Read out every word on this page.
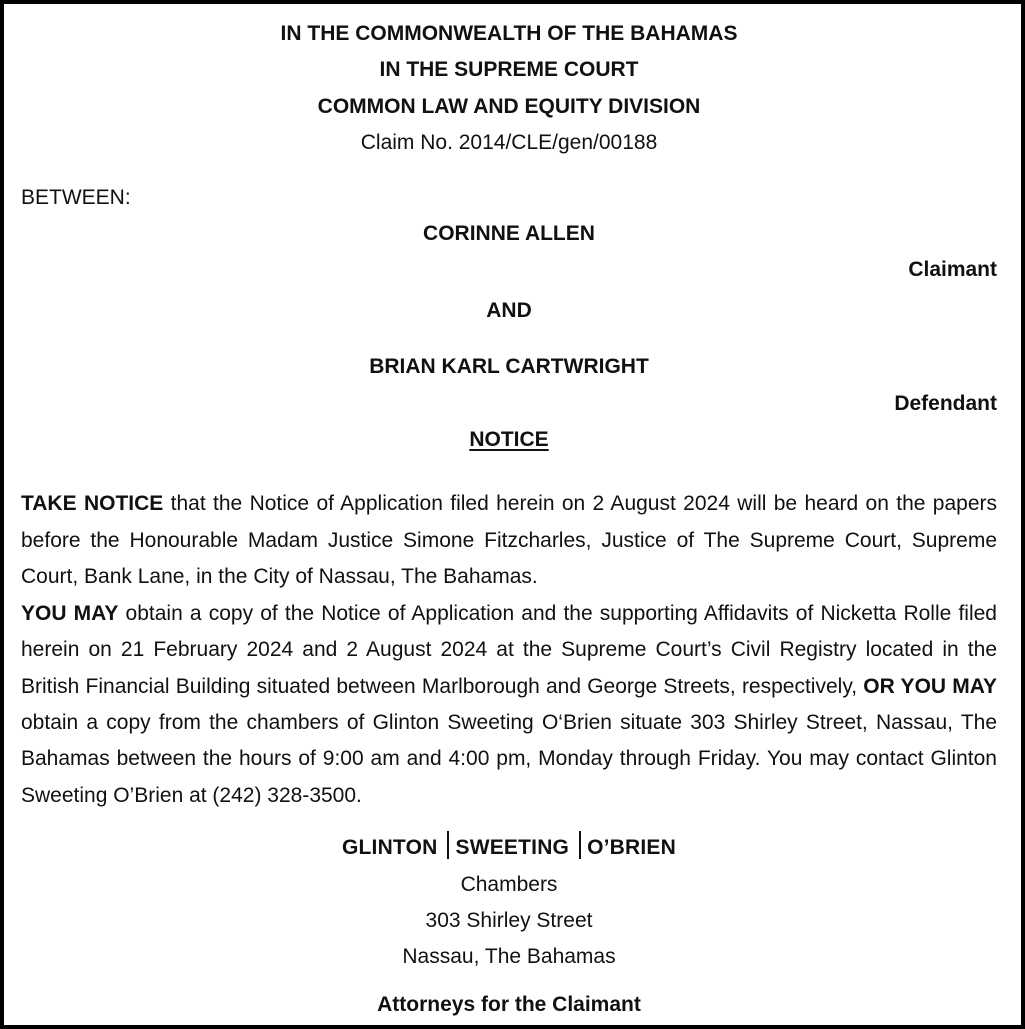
IN THE COMMONWEALTH OF THE BAHAMAS
IN THE SUPREME COURT
COMMON LAW AND EQUITY DIVISION
Claim No. 2014/CLE/gen/00188
BETWEEN:
CORINNE ALLEN
Claimant
AND
BRIAN KARL CARTWRIGHT
Defendant
NOTICE

TAKE NOTICE that the Notice of Application filed herein on 2 August 2024 will be heard on the papers before the Honourable Madam Justice Simone Fitzcharles, Justice of The Supreme Court, Supreme Court, Bank Lane, in the City of Nassau, The Bahamas.

YOU MAY obtain a copy of the Notice of Application and the supporting Affidavits of Nicketta Rolle filed herein on 21 February 2024 and 2 August 2024 at the Supreme Court’s Civil Registry located in the British Financial Building situated between Marlborough and George Streets, respectively, OR YOU MAY obtain a copy from the chambers of Glinton Sweeting O‘Brien situate 303 Shirley Street, Nassau, The Bahamas between the hours of 9:00 am and 4:00 pm, Monday through Friday. You may contact Glinton Sweeting O’Brien at (242) 328-3500.

GLINTON SWEETING O’BRIEN
Chambers
303 Shirley Street
Nassau, The Bahamas
Attorneys for the Claimant
